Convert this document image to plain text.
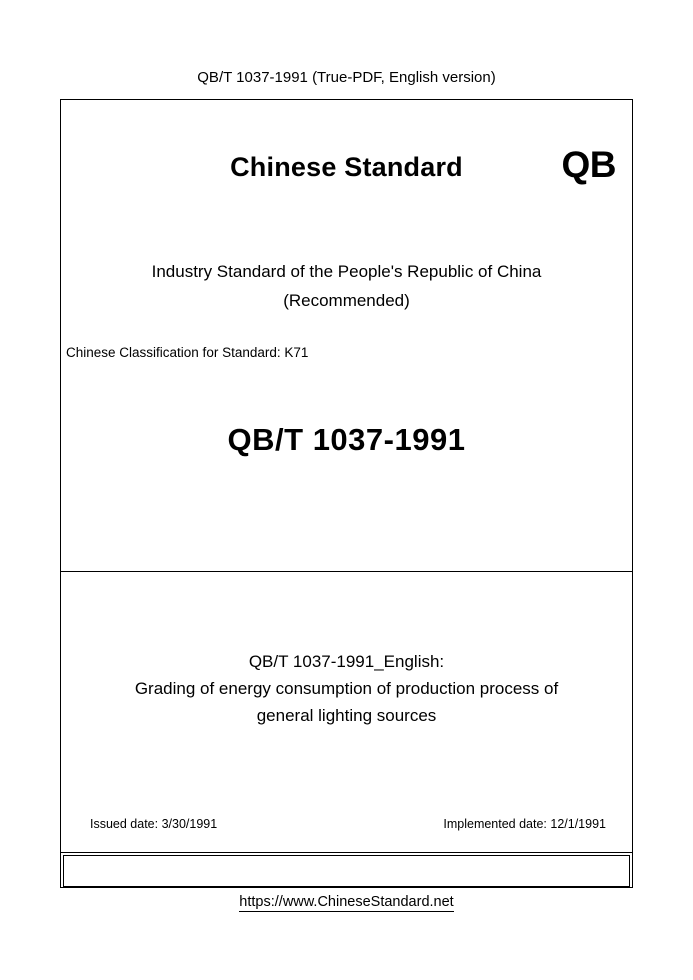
QB/T 1037-1991 (True-PDF, English version)
Chinese Standard	QB
Industry Standard of the People's Republic of China
(Recommended)
Chinese Classification for Standard: K71
QB/T 1037-1991
QB/T 1037-1991_English:
Grading of energy consumption of production process of
general lighting sources
Issued date: 3/30/1991	Implemented date: 12/1/1991
https://www.ChineseStandard.net
